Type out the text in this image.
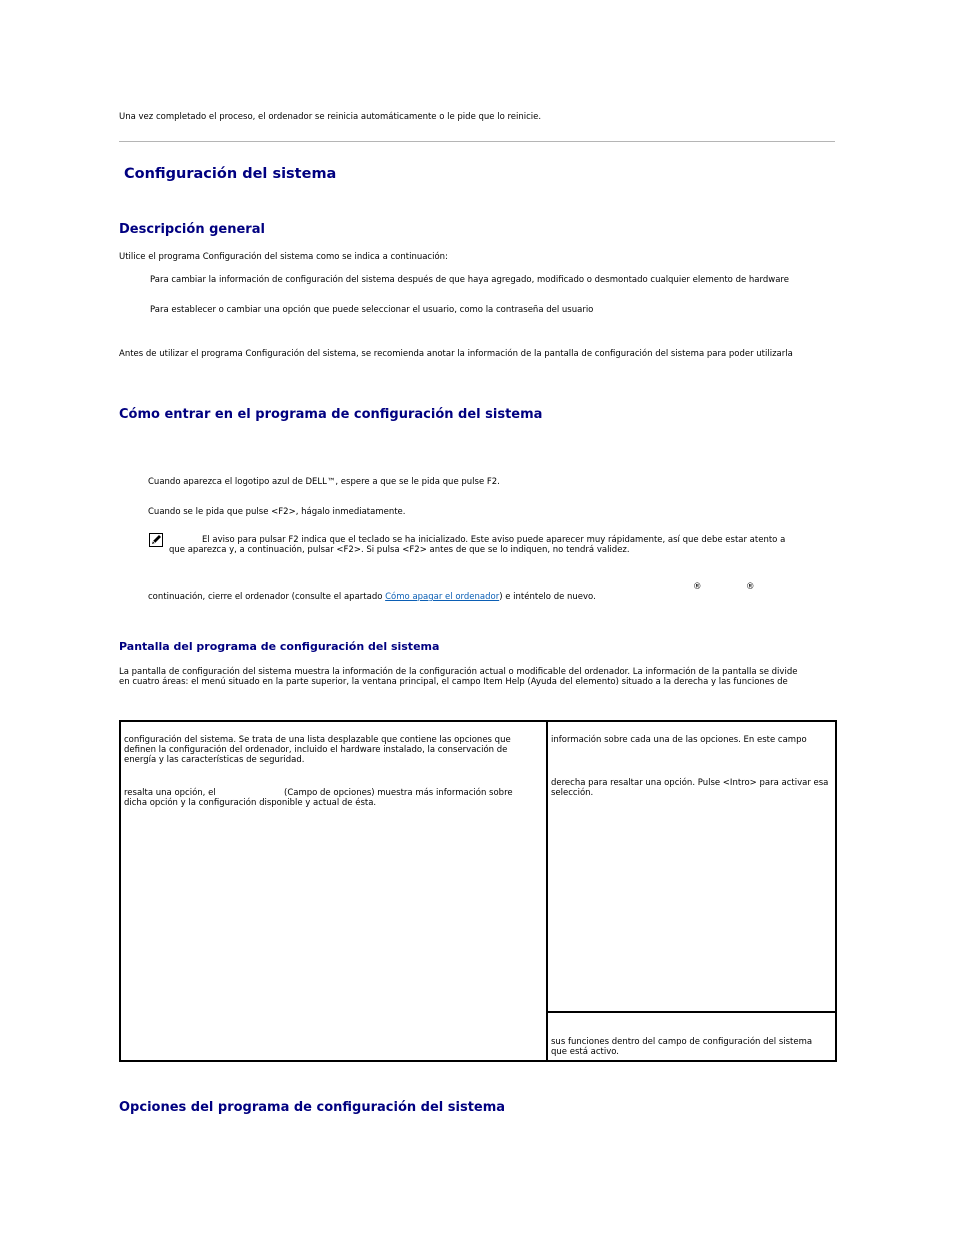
Una vez completado el proceso, el ordenador se reinicia automáticamente o le pide que lo reinicie.
Configuración del sistema
Descripción general
Utilice el programa Configuración del sistema como se indica a continuación:
Para cambiar la información de configuración del sistema después de que haya agregado, modificado o desmontado cualquier elemento de hardware
Para establecer o cambiar una opción que puede seleccionar el usuario, como la contraseña del usuario
Antes de utilizar el programa Configuración del sistema, se recomienda anotar la información de la pantalla de configuración del sistema para poder utilizarla
Cómo entrar en el programa de configuración del sistema
Cuando aparezca el logotipo azul de DELL™, espere a que se le pida que pulse F2.
Cuando se le pida que pulse <F2>, hágalo inmediatamente.
El aviso para pulsar F2 indica que el teclado se ha inicializado. Este aviso puede aparecer muy rápidamente, así que debe estar atento a
que aparezca y, a continuación, pulsar <F2>. Si pulsa <F2> antes de que se lo indiquen, no tendrá validez.
®	®
continuación, cierre el ordenador (consulte el apartado Cómo apagar el ordenador) e inténtelo de nuevo.
Pantalla del programa de configuración del sistema
La pantalla de configuración del sistema muestra la información de la configuración actual o modificable del ordenador. La información de la pantalla se divide
en cuatro áreas: el menú situado en la parte superior, la ventana principal, el campo Item Help (Ayuda del elemento) situado a la derecha y las funciones de
configuración del sistema. Se trata de una lista desplazable que contiene las opciones que definen la configuración del ordenador, incluido el hardware instalado, la conservación de energía y las características de seguridad.
resalta una opción, el	(Campo de opciones) muestra más información sobre
dicha opción y la configuración disponible y actual de ésta.
información sobre cada una de las opciones. En este campo
derecha para resaltar una opción. Pulse <Intro> para activar esa selección.
sus funciones dentro del campo de configuración del sistema que está activo.
Opciones del programa de configuración del sistema
